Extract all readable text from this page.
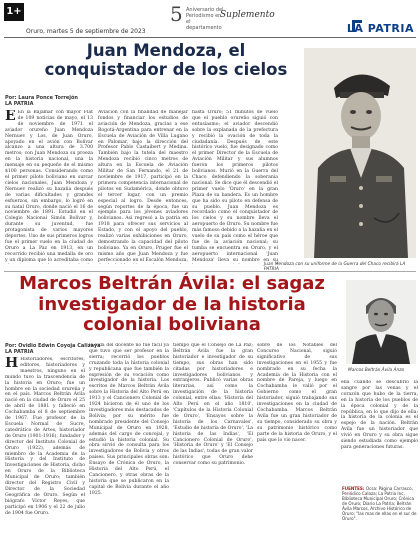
1+
Oruro, martes 5 de septiembre de 2023
5 Aniversario del Periodismo en el departamento
Suplemento
LA PATRIA
Juan Mendoza, el conquistador de los cielos
Por: Laura Ponce Torrejón
LA PATRIA
E En la Bajamar con mayor Flat de 109 noticias de mayo, el 13 de noviembre de 1971 el aviador orureño Juan Mendoza Nernuev y Los, de Juan Oruro, apoyado en el avión con Bolívar alcanzo a una altura de 3.700 metros; con Juan Mendoza su proeza en la historia nacional, una la mensaje en su pequeño de el mismo $100 personas. Considerando como el primer piloto boliviano en surcar cielos nacionales, Juan Mendoza y Nernuev realizó su hazaña después de varias dificultades y grandes esfuerzos, sin embargo, lo logró en su natal Oruro, donde nació el 16 de noviembre de 1891. Estudió en el Colegio Nacional Simón Bolívar y, durante su juventud, fue protagonista de varios mayores deportes. Uno de sus primeros logros fue el primer vuelo en la ciudad de Oruro a La Paz en 1913, en un recorrido recibió una medalla de oro y un diploma que lo acreditaba como
Aviación con la finalidad de manejar fondos y financiar los estudios de aviación de Mendoza, gracias a ese Bogotá-Argentina para entrenar en la Escuela de Aviación de Villa Lugano en Palomar, bajo la dirección del Profesor Pablo Castaibert y Medina. También bajo la tutela del maestro Mendoza recibió cinco metros de altura en la Escuela de Aviación Militar de San Fernando, el 21 de noviembre de 1917, participó en la primera competencia internacional de pilotos en Sudamérica, donde obtuvo el tercer lugar, con un premio especial al logro. Desde entonces, según reportes de la época, fue un ejemplo para los jóvenes aviadores bolivianos. Así regresó a la patria en 1918 para ofrecer sus servicios al Estado, y con el apoyo del pueblo, realizó varias exhibiciones en Oruro, demostrando la capacidad del piloto boliviano. Ya en Oruro, Pruger fue el mismo año que Juan Mendoza y fue perfeccionado en el Escalón Mendoza,
hasta Oruro; 51 minutos de vuelo que el pueblo orureño siguió con entusiasmo; el aviador descendió sobre la explanada de la prefectura y recibió la ovación de toda la ciudadanía. Después de este histórico vuelo, fue designado como el primer Director de la Escuela de Aviación Militar y sus alumnos fueron los primeros pilotos bolivianos. Murió en la Guerra del Chaco defendiendo la soberanía nacional. Se dice que él descendió el primer vuelo 'Oruro' en la gran Plaza de su bandera. Es un hombre que ha sido su piloto en defensa de su pueblo. Juan Mendoza es recordado como el conquistador de los cielos y su nombre lleva el aeropuerto de Oruro. Su nombre fue más famoso debido a la hazaña en el vuelo de su país como el héroe que fue de la aviación nacional; su tumba se encuentra en Oruro, y el aeropuerto internacional 'Juan Mendoza' lleva su nombre en su
Juan Mendoza con su uniforme de la Guerra del Chaco recibirá LA PATRIA
Marcos Beltrán Ávila: el sagaz investigador de la historia colonial boliviana
Por: Ovidio Edwin Coyoja Calizaya
LA PATRIA
H Historiadores, escritores, editores, historiadores y maestros, ninguno en el mundo tuvo la trascendencia de la historia en Oruro; fue un hombre en la sociedad orureña y en el país. Marcos Beltrán Ávila nació en la ciudad de Oruro el 25 de abril de 1881 y falleció en Cochabamba el 8 de septiembre de 1967. Fue profesor de la Escuela Normal de Sucre, catedrático de Artes, historiador de Oruro (1901-1916), fundador y director del Instituto Colonial de Oruro (1922), además de miembro de la Academia de la Historia y del Instituto de Investigaciones de Historia, dicho en Oruro de la Biblioteca Municipal de Oruro; también director del Registro Civil y Director de la Sociedad Geográfica de Oruro. Según el biógrafo Víctor Reyes, que participó en 1906 y el 22 de julio de 1904 fue Oruro.
la vida del docente no fue fácil ya que tuvo que ser profesor en la sierra; recorrió los pueblos cruzando toda la historia colonial y republicana que fue también la expresión de su vocación como investigador de la historia. Los escritos de Marcos Beltrán Ávila sobre la Historia del Alto Perú en 1913 y el Cancionero Colonial de 1924 hicieron de él uno de los investigadores más destacados de Bolivia; por su mérito fue nombrado presidente del Consejo Municipal de Oruro en 1928, además del cargo de concejal, y estudió la historia colonial. Su obra sirvió de consulta para los investigadores de Bolivia y otros países. Sus principales obras son: Ensayo de Crónica de Oruro, la Historia del Alto Perú, el Cancionero, y otras obras de la historia que se publicaron en la capital de Bolivia durante el año 1925.
tiempo que el Consejo de La Paz; Beltrán Ávila fue la gran historiador e investigador de su tiempo, sus obras han sido citadas por historiadores e investigadores bolivianos y extranjeros. Publicó varias obras literarias, así como la investigación de la historia colonial, entre ellas: 'Historia del Alto Perú en el año 1810', 'Capítulos de la Historia Colonial de Oruro', 'Ensayos sobre la historia de los Carnavales', 'Estudio de historia de Oruro', 'La historia de las Indias', 'El Cancionero Colonial de Oruro', 'Historia de Oruro' y 'El Consejo de las Indias', todas de gran valor histórico que Oruro debe conservar como su patrimonio.
sobre de los Notables del Concurso Nacional, siguió significativo de sus investigaciones en el 1955 y fue nombrado en su fecha la Academia de la Historia con el nombre de Pareja, y luego en Cochabamba le valió por el Gobierno como el gran historiador, siguió trabajando sus investigaciones en la ciudad de Cochabamba. Marcos Beltrán Ávila fue un gran historiador de su tiempo, considerado su obra y su patrimonio histórico como parte de la historia de Oruro, y el país que lo vio nacer.
ella cuando se descubrió la sangre por las venas y el corazón que hubo de la tierra, en la historia de los pueblos de la época colonial y de la república, en lo que dijo de ella: la historia de la colonia es el espejo de la nación. Beltrán Ávila fue un historiador que vivió en Oruro y su obra sigue siendo estudiada como ejemplo para generaciones futuras.
Marcos Beltrán Ávila Anzo
FUENTES: Ocsa: Página Carrasco, Periódico Calaza; La Patria Inc, Biblioteca Municipal Oruro; Crónica de Oruro; Diario La Patria; Beltrán Ávila Marcos, Archivo Histórico de Oruro; "las mas de ellas en el sur de Oruro".
